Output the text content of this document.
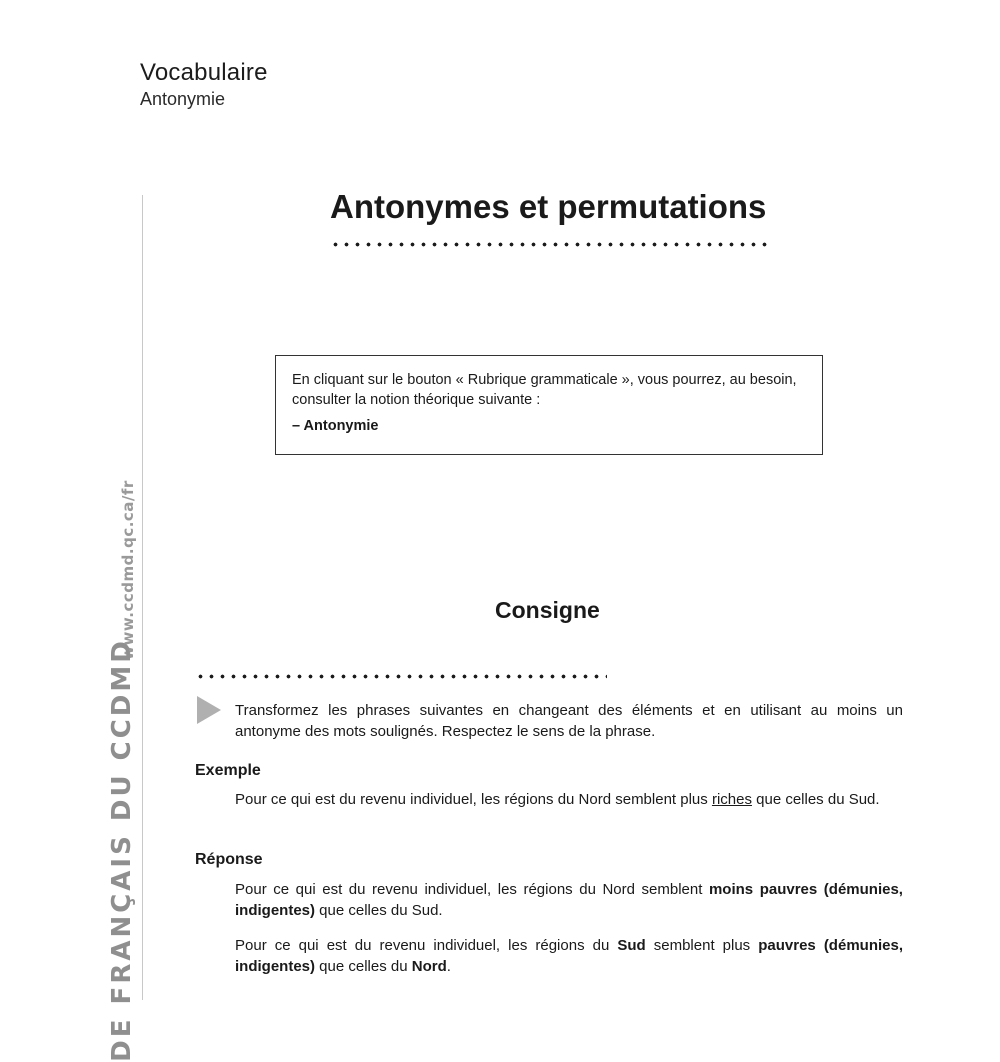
Vocabulaire
Antonymie
www.ccdmd.qc.ca/fr
DE FRANÇAIS DU CCDMD
Antonymes et permutations
En cliquant sur le bouton « Rubrique grammaticale », vous pourrez, au besoin, consulter la notion théorique suivante :
– Antonymie
Consigne
Transformez les phrases suivantes en changeant des éléments et en utilisant au moins un antonyme des mots soulignés. Respectez le sens de la phrase.
Exemple
Pour ce qui est du revenu individuel, les régions du Nord semblent plus riches que celles du Sud.
Réponse
Pour ce qui est du revenu individuel, les régions du Nord semblent moins pauvres (démunies, indigentes) que celles du Sud.
Pour ce qui est du revenu individuel, les régions du Sud semblent plus pauvres (démunies, indigentes) que celles du Nord.
